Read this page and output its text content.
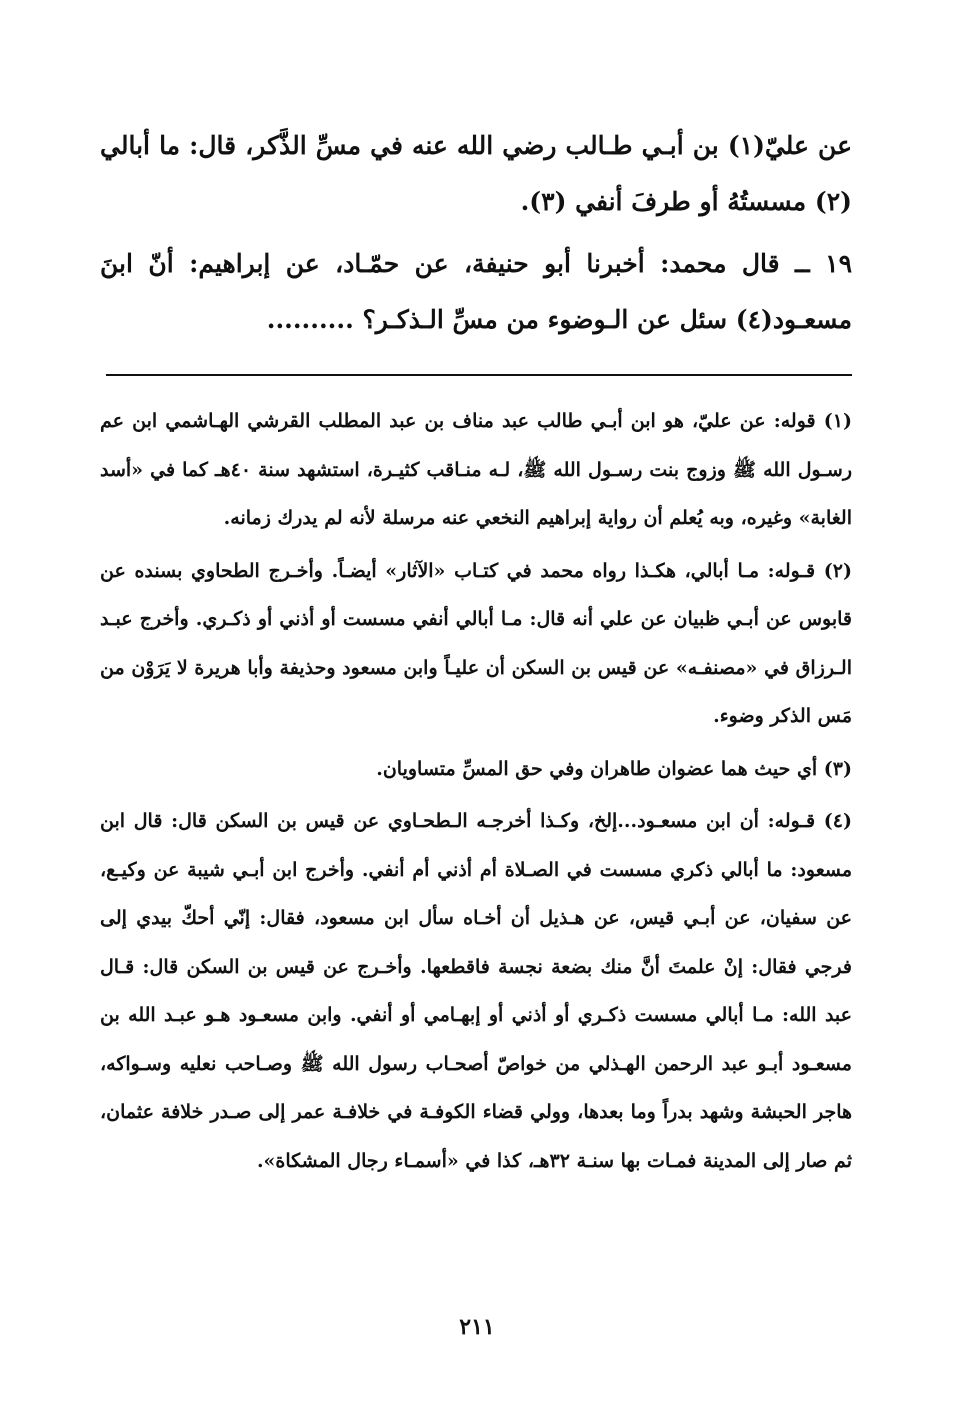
عن عليّ(١) بن أبـي طـالب رضي الله عنه في مسِّ الذَّكر، قال: ما أبالي (٢) مسستُهُ أو طرفَ أنفي (٣).

١٩ ــ قال محمد: أخبرنا أبو حنيفة، عن حمّـاد، عن إبراهيم: أنّ ابنَ مسعـود(٤) سئل عن الـوضوء من مسِّ الـذكـر؟ ..........

(١) قوله: عن عليّ، هو ابن أبـي طالب عبد مناف بن عبد المطلب القرشي الهـاشمي ابن عم رسـول الله ﷺ وزوج بنت رسـول الله ﷺ، لـه منـاقب كثيـرة، استشهد سنة ٤٠هـ كما في «أسد الغابة» وغيره، وبه يُعلم أن رواية إبراهيم النخعي عنه مرسلة لأنه لم يدرك زمانه.

(٢) قـوله: مـا أبالي، هكـذا رواه محمد في كتـاب «الآثار» أيضـاً. وأخـرج الطحاوي بسنده عن قابوس عن أبـي ظبيان عن علي أنه قال: مـا أبالي أنفي مسست أو أذني أو ذكـري. وأخرج عبـد الـرزاق في «مصنفـه» عن قيس بن السكن أن عليـاً وابن مسعود وحذيفة وأبا هريرة لا يَرَوْن من مَس الذكر وضوء.

(٣) أي حيث هما عضوان طاهران وفي حق المسِّ متساويان.

(٤) قـوله: أن ابن مسعـود...إلخ، وكـذا أخرجـه الـطحـاوي عن قيس بن السكن قال: قال ابن مسعود: ما أبالي ذكري مسست في الصـلاة أم أذني أم أنفي. وأخرج ابن أبـي شيبة عن وكيـع، عن سفيان، عن أبـي قيس، عن هـذيل أن أخـاه سأل ابن مسعود، فقال: إنّي أحكّ بيدي إلى فرجي فقال: إنْ علمتَ أنَّ منك بضعة نجسة فاقطعها. وأخـرج عن قيس بن السكن قال: قـال عبد الله: مـا أبالي مسست ذكـري أو أذني أو إبهـامي أو أنفي. وابن مسعـود هـو عبـد الله بن مسعـود أبـو عبد الرحمن الهـذلي من خواصّ أصحـاب رسول الله ﷺ وصـاحب نعليه وسـواكه، هاجر الحبشة وشهد بدراً وما بعدها، وولي قضاء الكوفـة في خلافـة عمر إلى صـدر خلافة عثمان، ثم صار إلى المدينة فمـات بها سنـة ٣٢هـ، كذا في «أسمـاء رجال المشكاة».

٢١١
